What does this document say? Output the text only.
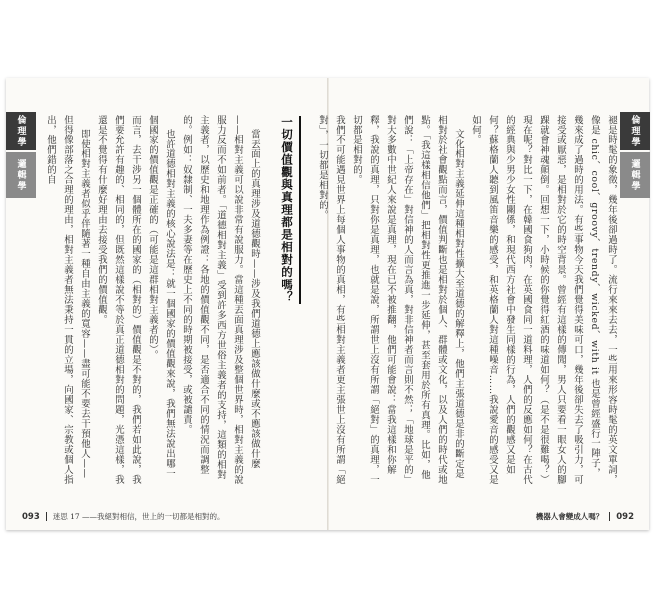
倫理學
邏輯學	一切價值觀與真理都是相對的嗎？

當丟面上的真理涉及道德觀時——涉及我們道德上應該做什麼或不應該做什麼——相對主義可以說非常有說服力。當這種丟面真理涉及整個世界時，相對主義的說服力反而不如前者。「道德相對主義」受到許多西方世俗主義者的支持，這類的相對主義者，以歷史和地理作為例證：各地的價值觀不同，是否適合不同的情況而調整的。例如：奴隸制、一夫多妻等在歷史上不同的時期被接受，或被譴責。

也許道德相對主義的核心說法是：就一個國家的價值觀來說，我們無法說出哪一個國家的價值觀是正確的（可能是這群相對主義者的）。

而言，去干涉另一個體所在的國家的（相對的）價值觀是不對的，我們若如此說，我們要允許有趣的、相同的，但既然這樣說不等於真正道德相對的問題，光憑這樣，我還是不覺得有什麼好理由去接受我們的價值觀。

即使相對主義者似乎伴隨著一種自由主義的寬容——盡可能不要去干預他人——但得像部落之合理的理由，相對主義者無法秉持一貫的立場，向國家、宗教或個人指出，他們錯的自

093 迷思 17 ——我絕對相信，世上的一切都是相對的。
倫理學
邏輯學

褪是時髦的象徵，幾年後卻過時了。流行來來去去，一些用來形容時髦的英文單詞，像是 chic、cool、groovy、trendy、wicked、with it 也是曾經盛行一陣子，幾來成了過時的用法。有些事物今天我們覺得美味可口，幾年後卻失去了吸引力，可接受或厭惡，是相對於它的時空背景。曾經有這樣的傳聞，男人只要看一眼女人的腳踝就會神魂顛倒。回想一下，小時候的你覺得紅酒的味道如何？（是不是很難喝？）現在呢？對比一下，在韓國食狗肉，在英國食同一道料理，人們的反應如何？在古代的經典與少男少女性關係，和現代西方社會中發生同樣的行為，人們的觀感又是如何？蘇格蘭人聽到風笛音樂的感受，和英格蘭人對這種噪音……我說愛音的感受又是如何。

文化相對主義延伸這種相對性擴大至道德的解釋上，他們主張道德是非的斷定是相對於社會觀點而言，價值判斷也是相對於個人、群體或文化，以及人們的時代或地點。「我這樣相信他們」把相對性更推進一步延伸，甚至套用於所有真理。比如，他們說：「上帝存在」對信神的人而言為真，對非信神者而言則不然；「地球是平的」對大多數中世紀人來說是真理，現在已不被推翻，他們可能會說：當我這樣和你解釋，我說的真理，只對你是真理，也就是說，所謂世上沒有所謂「絕對」的真理，一切都是相對的。

我們不可能遇見世界上每個人事物的真相，有些相對主義者更主張世上沒有所謂「絕對」，一切都是相對的。

092
機器人會變成人嗎？
